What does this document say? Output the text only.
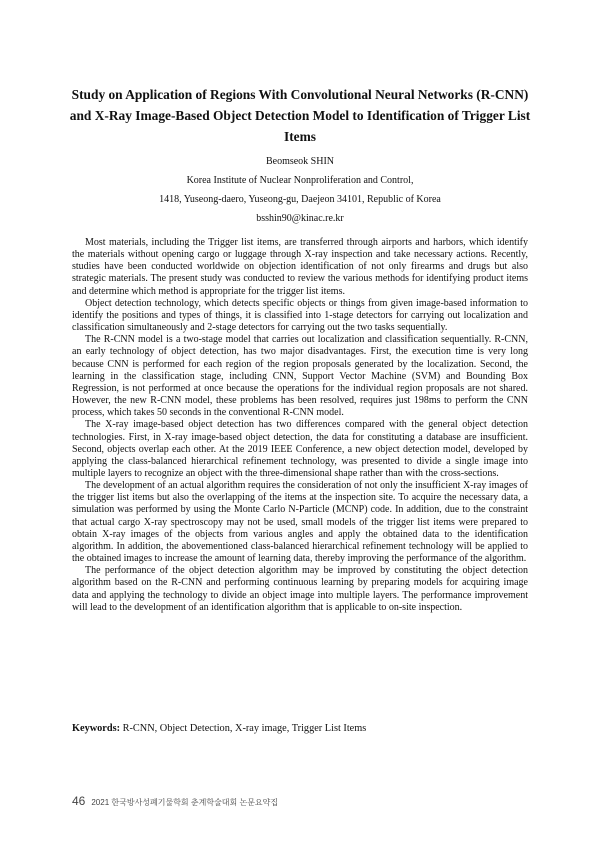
Study on Application of Regions With Convolutional Neural Networks (R-CNN) and X-Ray Image-Based Object Detection Model to Identification of Trigger List Items
Beomseok SHIN
Korea Institute of Nuclear Nonproliferation and Control,
1418, Yuseong-daero, Yuseong-gu, Daejeon 34101, Republic of Korea
bsshin90@kinac.re.kr

Most materials, including the Trigger list items, are transferred through airports and harbors, which identify the materials without opening cargo or luggage through X-ray inspection and take necessary actions. Recently, studies have been conducted worldwide on objection identification of not only firearms and drugs but also strategic materials. The present study was conducted to review the various methods for identifying product items and determine which method is appropriate for the trigger list items.

Object detection technology, which detects specific objects or things from given image-based information to identify the positions and types of things, it is classified into 1-stage detectors for carrying out localization and classification simultaneously and 2-stage detectors for carrying out the two tasks sequentially.

The R-CNN model is a two-stage model that carries out localization and classification sequentially. R-CNN, an early technology of object detection, has two major disadvantages. First, the execution time is very long because CNN is performed for each region of the region proposals generated by the localization. Second, the learning in the classification stage, including CNN, Support Vector Machine (SVM) and Bounding Box Regression, is not performed at once because the operations for the individual region proposals are not shared. However, the new R-CNN model, these problems has been resolved, requires just 198ms to perform the CNN process, which takes 50 seconds in the conventional R-CNN model.

The X-ray image-based object detection has two differences compared with the general object detection technologies. First, in X-ray image-based object detection, the data for constituting a database are insufficient. Second, objects overlap each other. At the 2019 IEEE Conference, a new object detection model, developed by applying the class-balanced hierarchical refinement technology, was presented to divide a single image into multiple layers to recognize an object with the three-dimensional shape rather than with the cross-sections.

The development of an actual algorithm requires the consideration of not only the insufficient X-ray images of the trigger list items but also the overlapping of the items at the inspection site. To acquire the necessary data, a simulation was performed by using the Monte Carlo N-Particle (MCNP) code. In addition, due to the constraint that actual cargo X-ray spectroscopy may not be used, small models of the trigger list items were prepared to obtain X-ray images of the objects from various angles and apply the obtained data to the identification algorithm. In addition, the abovementioned class-balanced hierarchical refinement technology will be applied to the obtained images to increase the amount of learning data, thereby improving the performance of the algorithm.

The performance of the object detection algorithm may be improved by constituting the object detection algorithm based on the R-CNN and performing continuous learning by preparing models for acquiring image data and applying the technology to divide an object image into multiple layers. The performance improvement will lead to the development of an identification algorithm that is applicable to on-site inspection.

Keywords: R-CNN, Object Detection, X-ray image, Trigger List Items
46 2021 한국방사성폐기물학회 춘계학술대회 논문요약집
